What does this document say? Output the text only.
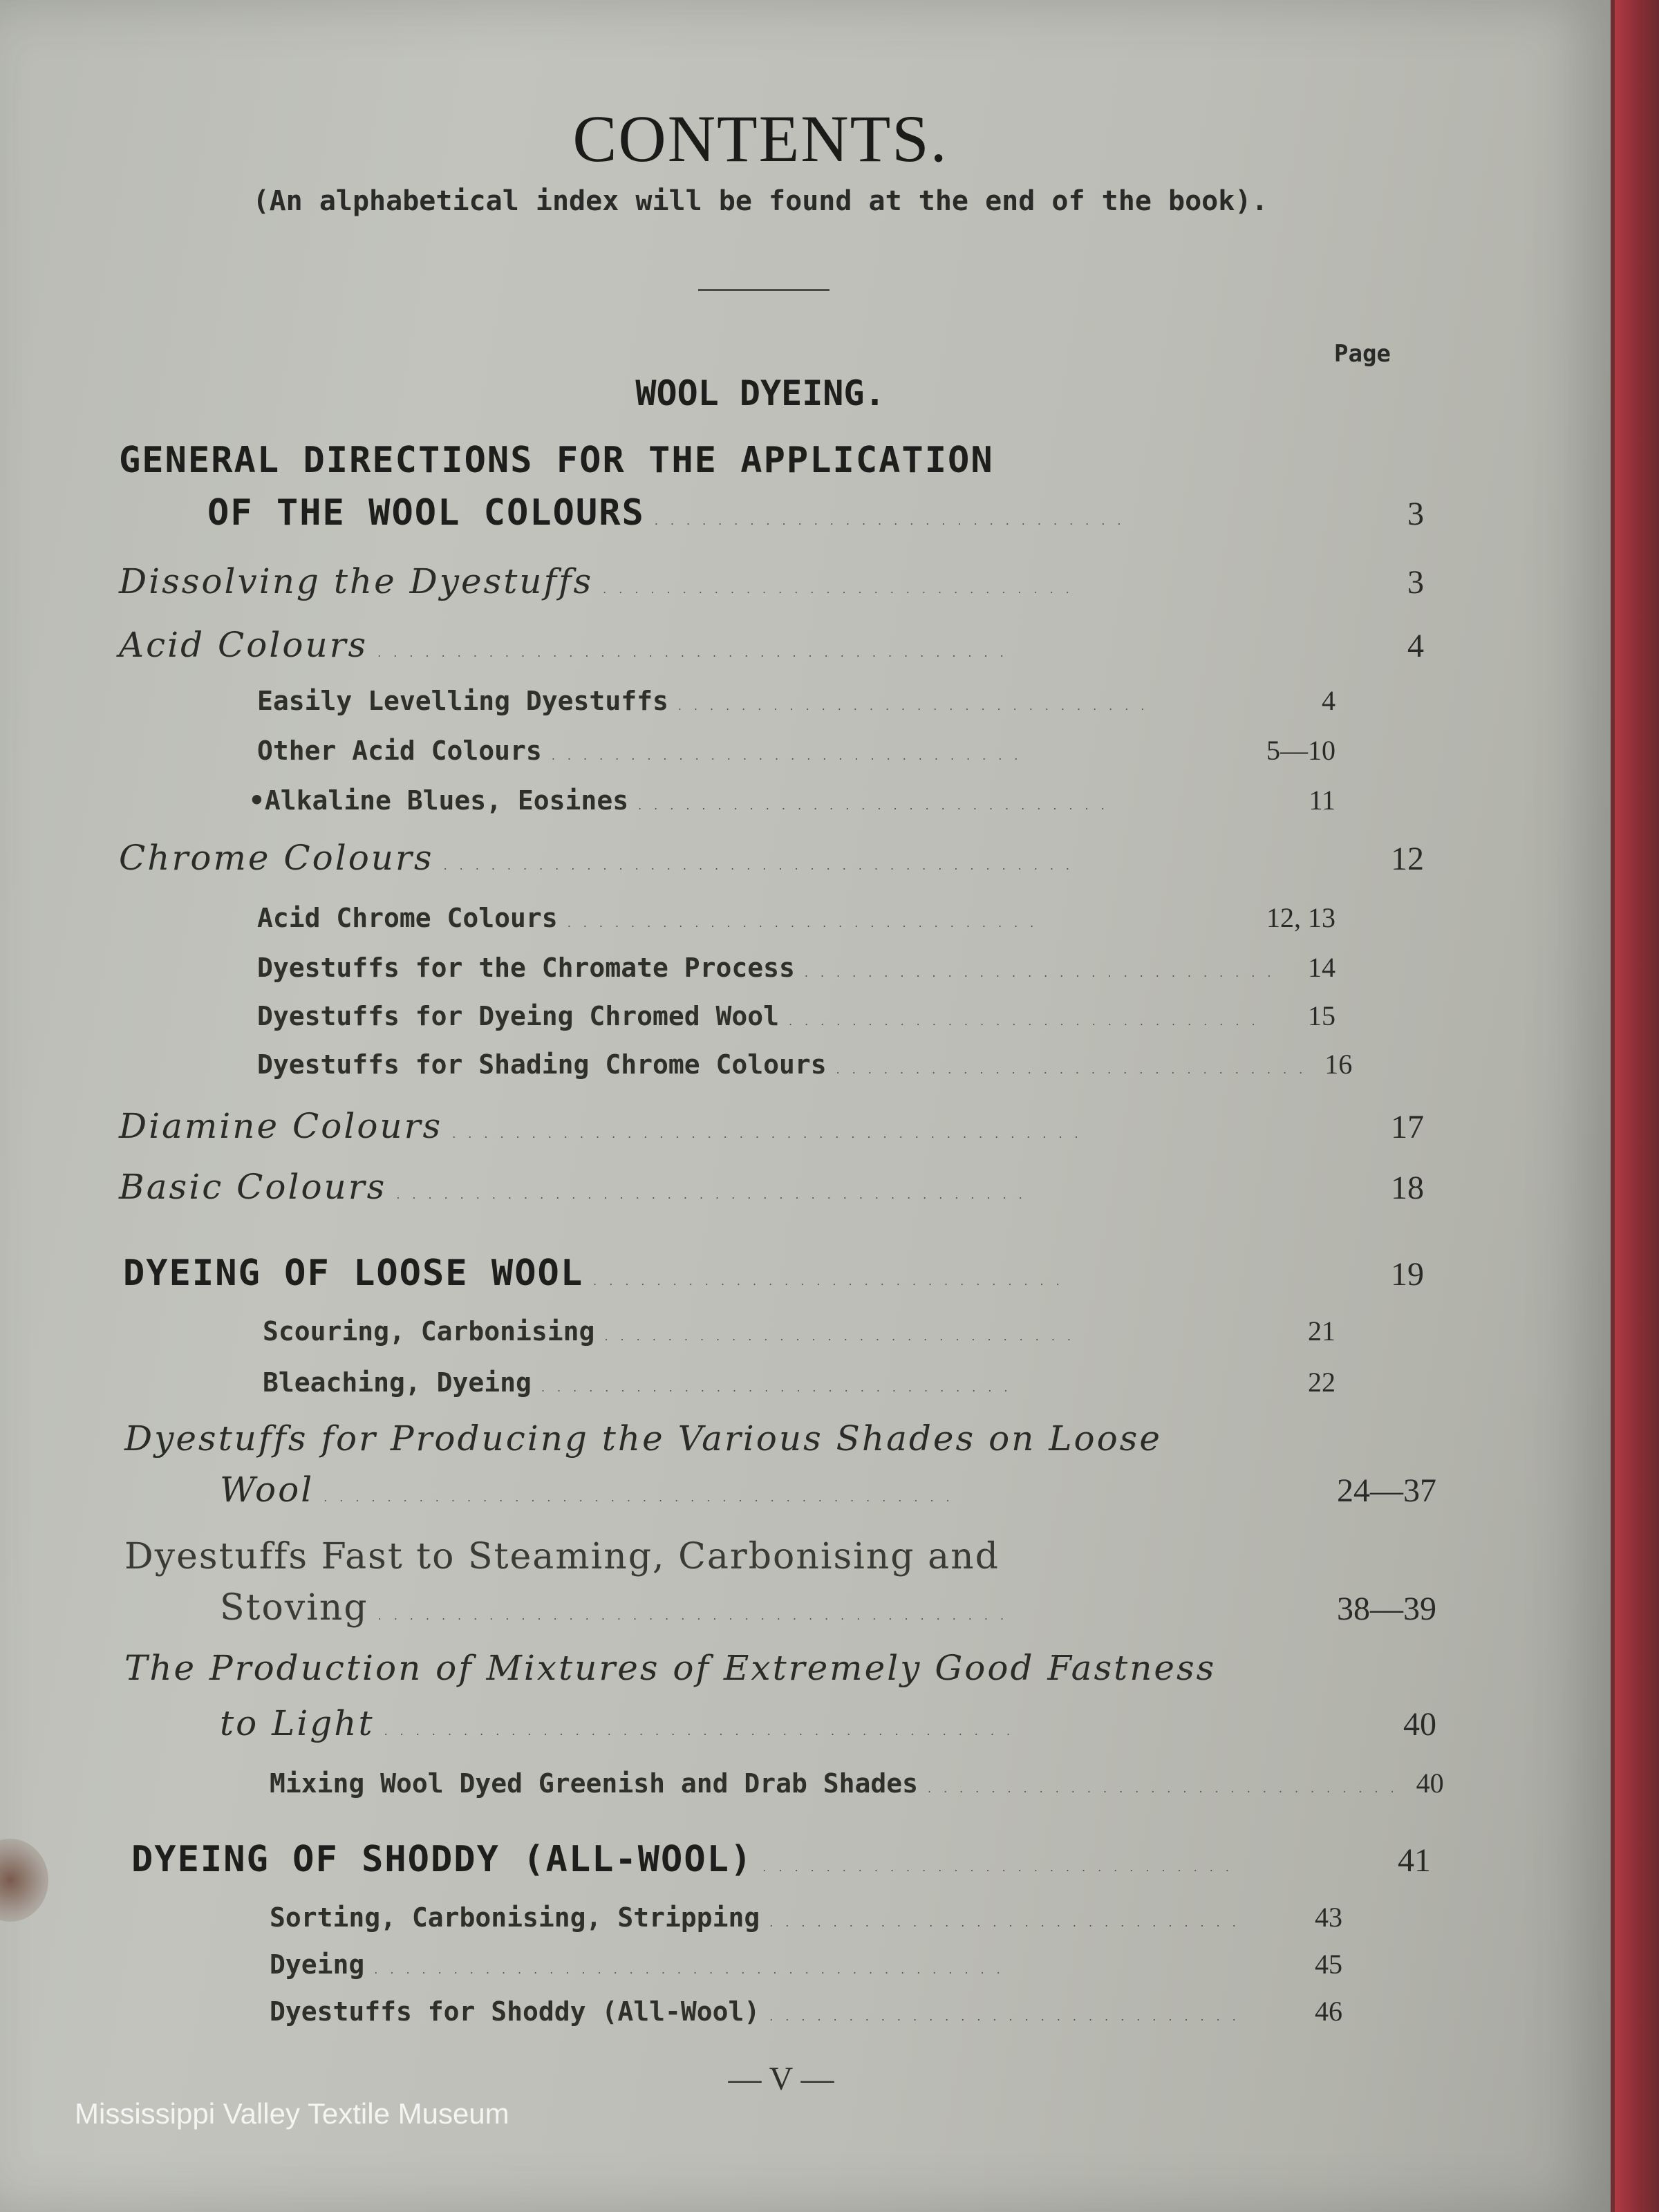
CONTENTS.
(An alphabetical index will be found at the end of the book).
Page
WOOL DYEING.
GENERAL DIRECTIONS FOR THE APPLICATION
OF THE WOOL COLOURS ..............................	3
Dissolving the Dyestuffs ..............................	3
Acid Colours ........................................	4
Easily Levelling Dyestuffs ..............................	4
Other Acid Colours ..............................	5—10
•Alkaline Blues, Eosines ..............................	11
Chrome Colours ........................................	12
Acid Chrome Colours ..............................	12, 13
Dyestuffs for the Chromate Process .............................. 14
Dyestuffs for Dyeing Chromed Wool ..............................	15
Dyestuffs for Shading Chrome Colours .............................. 16
Diamine Colours ........................................	17
Basic Colours ........................................	18
DYEING OF LOOSE WOOL ..............................	19
Scouring, Carbonising ..............................	21
Bleaching, Dyeing ..............................	22
Dyestuffs for Producing the Various Shades on Loose
Wool ........................................	24—37
Dyestuffs Fast to Steaming, Carbonising and
Stoving ........................................	38—39
The Production of Mixtures of Extremely Good Fastness
to Light ........................................	40
Mixing Wool Dyed Greenish and Drab Shades .............................. 40
DYEING OF SHODDY (ALL-WOOL) ..............................	41
Sorting, Carbonising, Stripping ..............................	43
Dyeing ........................................	45
Dyestuffs for Shoddy (All-Wool) ..............................	46
— V —
Mississippi Valley Textile Museum
